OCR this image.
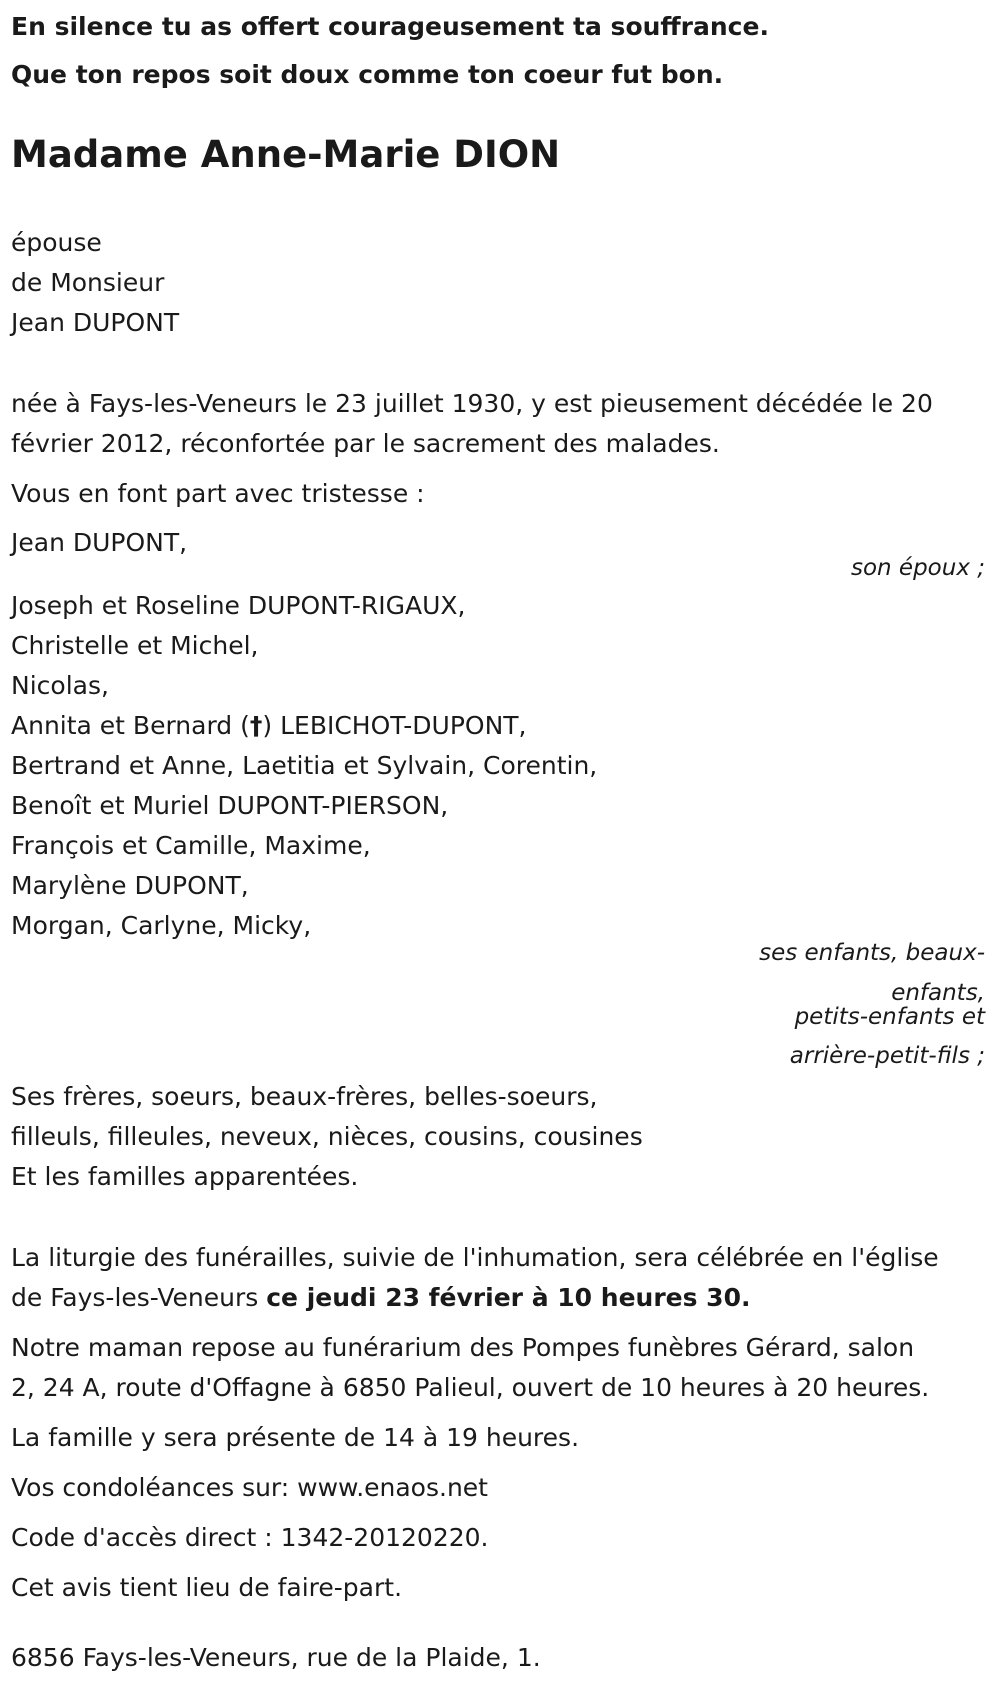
En silence tu as offert courageusement ta souffrance.
Que ton repos soit doux comme ton coeur fut bon.
Madame Anne-Marie DION
épouse
de Monsieur
Jean DUPONT
née à Fays-les-Veneurs le 23 juillet 1930, y est pieusement décédée le 20
février 2012, réconfortée par le sacrement des malades.
Vous en font part avec tristesse :
Jean DUPONT,
son époux ;
Joseph et Roseline DUPONT-RIGAUX,
Christelle et Michel,
Nicolas,
Annita et Bernard (†) LEBICHOT-DUPONT,
Bertrand et Anne, Laetitia et Sylvain, Corentin,
Benoît et Muriel DUPONT-PIERSON,
François et Camille, Maxime,
Marylène DUPONT,
Morgan, Carlyne, Micky,
ses enfants, beaux-
enfants,
petits-enfants et
arrière-petit-fils ;
Ses frères, soeurs, beaux-frères, belles-soeurs,
filleuls, filleules, neveux, nièces, cousins, cousines
Et les familles apparentées.
La liturgie des funérailles, suivie de l'inhumation, sera célébrée en l'église
de Fays-les-Veneurs ce jeudi 23 février à 10 heures 30.
Notre maman repose au funérarium des Pompes funèbres Gérard, salon
2, 24 A, route d'Offagne à 6850 Palieul, ouvert de 10 heures à 20 heures.
La famille y sera présente de 14 à 19 heures.
Vos condoléances sur: www.enaos.net
Code d'accès direct : 1342-20120220.
Cet avis tient lieu de faire-part.
6856 Fays-les-Veneurs, rue de la Plaide, 1.
